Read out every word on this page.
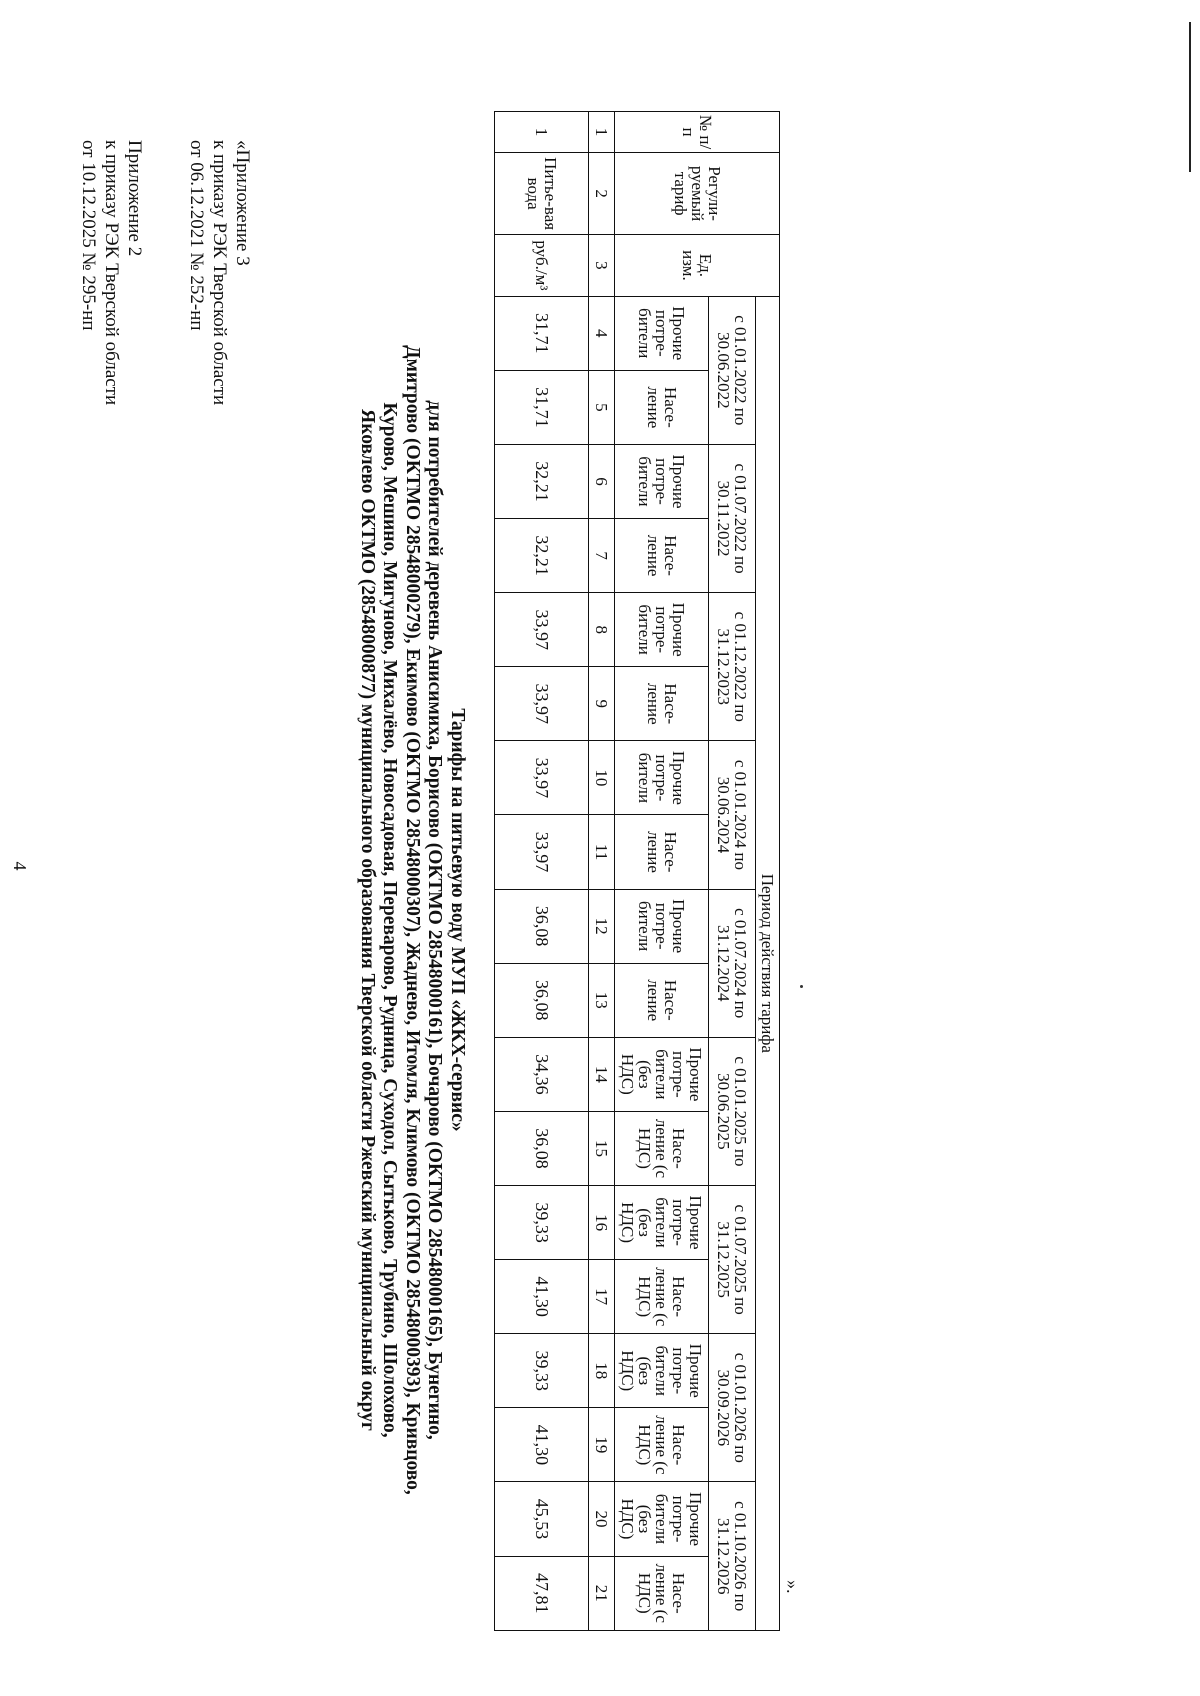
4
Приложение 2
к приказу РЭК Тверской области
от 10.12.2025 № 295-нп	«Приложение 3
к приказу РЭК Тверской области
от 06.12.2021 № 252-нп
Тарифы на питьевую воду МУП «ЖКХ-сервис»
для потребителей деревень Анисимиха, Борисово (ОКТМО 28548000161), Бочарово (ОКТМО 28548000165), Бунегино,
Дмитрово (ОКТМО 28548000279), Екимово (ОКТМО 28548000307), Жаднево, Итомля, Климово (ОКТМО 28548000393), Кривцово,
Курово, Мешино, Мигуново, Михалёво, Новосадовая, Переварово, Рудница, Суходол, Сытьково, Трубино, Шолохово,
Яковлево ОКТМО (28548000877) муниципального образования Тверской области Ржевский муниципальный округ
№ п/п	Регули-руемый тариф	Ед. изм.	Период действия тарифа																	
			с 01.01.2022 по 30.06.2022		с 01.07.2022 по 30.11.2022		с 01.12.2022 по 31.12.2023		с 01.01.2024 по 30.06.2024		с 01.07.2024 по 31.12.2024		с 01.01.2025 по 30.06.2025		с 01.07.2025 по 31.12.2025		с 01.01.2026 по 30.09.2026		с 01.10.2026 по 31.12.2026	
			Прочие потре-бители	Насе-ление	Прочие потре-бители	Насе-ление	Прочие потре-бители	Насе-ление	Прочие потре-бители	Насе-ление	Прочие потре-бители	Насе-ление	Прочие потре-бители (без НДС)	Насе-ление (с НДС)	Прочие потре-бители (без НДС)	Насе-ление (с НДС)	Прочие потре-бители (без НДС)	Насе-ление (с НДС)	Прочие потре-бители (без НДС)	Насе-ление (с НДС)
1	2	3	4	5	6	7	8	9	10	11	12	13	14	15	16	17	18	19	20	21
1	Питье-вая вода	руб./м³	31,71	31,71	32,21	32,21	33,97	33,97	33,97	33,97	36,08	36,08	34,36	36,08	39,33	41,30	39,33	41,30	45,53	47,81	».
